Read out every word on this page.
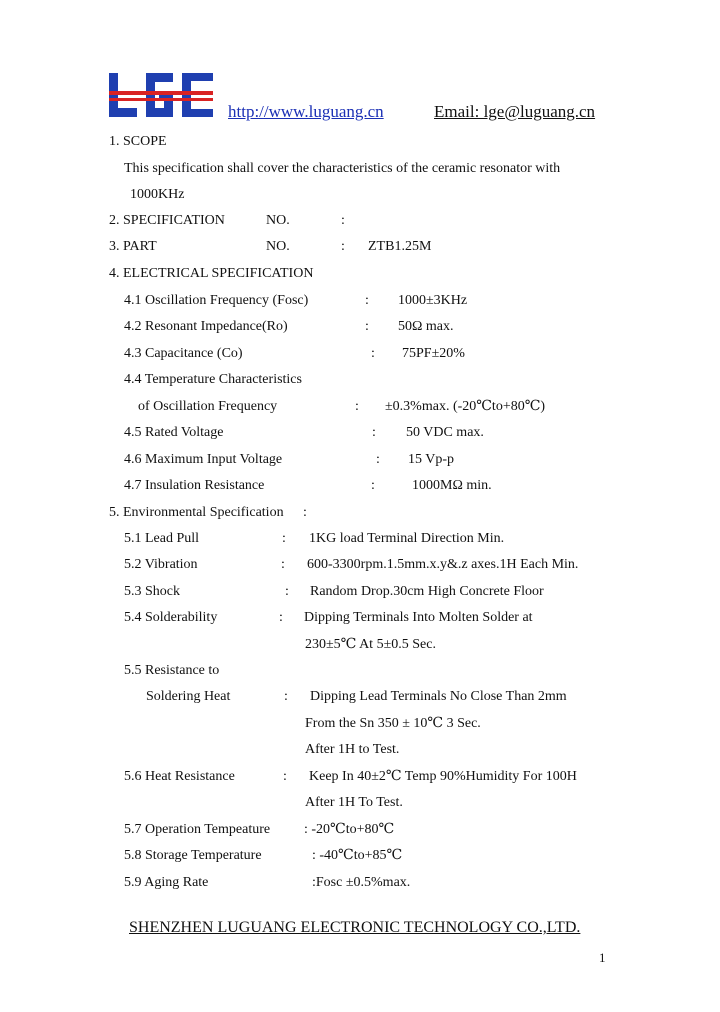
http://www.luguang.cn	Email: lge@luguang.cn
1. SCOPE
This specification shall cover the characteristics of the ceramic resonator with
1000KHz
2. SPECIFICATION	NO.	:
3. PART	NO.	: ZTB1.25M
4. ELECTRICAL SPECIFICATION
4.1 Oscillation Frequency (Fosc)	: 1000±3KHz
4.2 Resonant Impedance(Ro)	: 50Ω max.
4.3 Capacitance (Co)	: 75PF±20%
4.4 Temperature Characteristics
of Oscillation Frequency	: ±0.3%max. (-20℃to+80℃)
4.5 Rated Voltage	: 50 VDC max.
4.6 Maximum Input Voltage	: 15 Vp-p
4.7 Insulation Resistance	:	1000MΩ min.
5. Environmental Specification :
5.1 Lead Pull	: 1KG load Terminal Direction Min.
5.2 Vibration	: 600-3300rpm.1.5mm.x.y&.z axes.1H Each Min.
5.3 Shock	: Random Drop.30cm High Concrete Floor
5.4 Solderability	: Dipping Terminals Into Molten Solder at
230±5℃ At 5±0.5 Sec.
5.5 Resistance to
Soldering Heat	: Dipping Lead Terminals No Close Than 2mm
From the Sn 350 ± 10℃ 3 Sec.
After 1H to Test.
5.6 Heat Resistance	: Keep In 40±2℃ Temp 90%Humidity For 100H
After 1H To Test.
5.7 Operation Tempeature : -20℃to+80℃
5.8 Storage Temperature	: -40℃to+85℃
5.9 Aging Rate	:Fosc ±0.5%max.
SHENZHEN LUGUANG ELECTRONIC TECHNOLOGY CO.,LTD.
1
